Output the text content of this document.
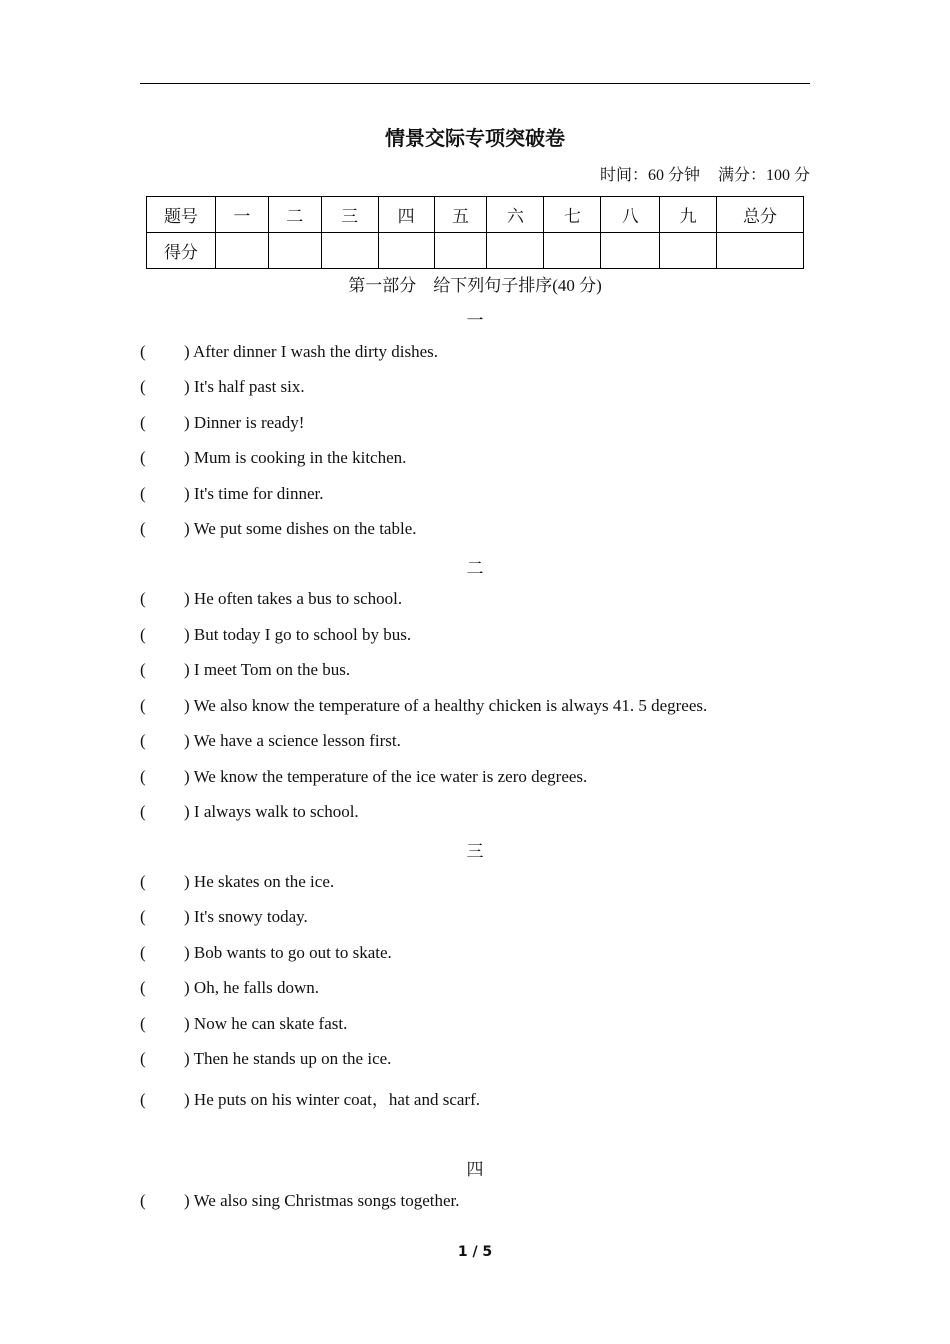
情景交际专项突破卷
时间：60 分钟 满分：100 分
题号	一	二	三	四	五	六	七	八	九	总分
得分										
第一部分　给下列句子排序(40 分)
一
( ) After dinner I wash the dirty dishes.
( ) It's half past six.
( ) Dinner is ready!
( ) Mum is cooking in the kitchen.
( ) It's time for dinner.
( ) We put some dishes on the table.
二
( ) He often takes a bus to school.
( ) But today I go to school by bus.
( ) I meet Tom on the bus.
( ) We also know the temperature of a healthy chicken is always 41. 5 degrees.
( ) We have a science lesson first.
( ) We know the temperature of the ice water is zero degrees.
( ) I always walk to school.
三
( ) He skates on the ice.
( ) It's snowy today.
( ) Bob wants to go out to skate.
( ) Oh, he falls down.
( ) Now he can skate fast.
( ) Then he stands up on the ice.
( ) He puts on his winter coat，hat and scarf.
四
( ) We also sing Christmas songs together.
1 / 5
